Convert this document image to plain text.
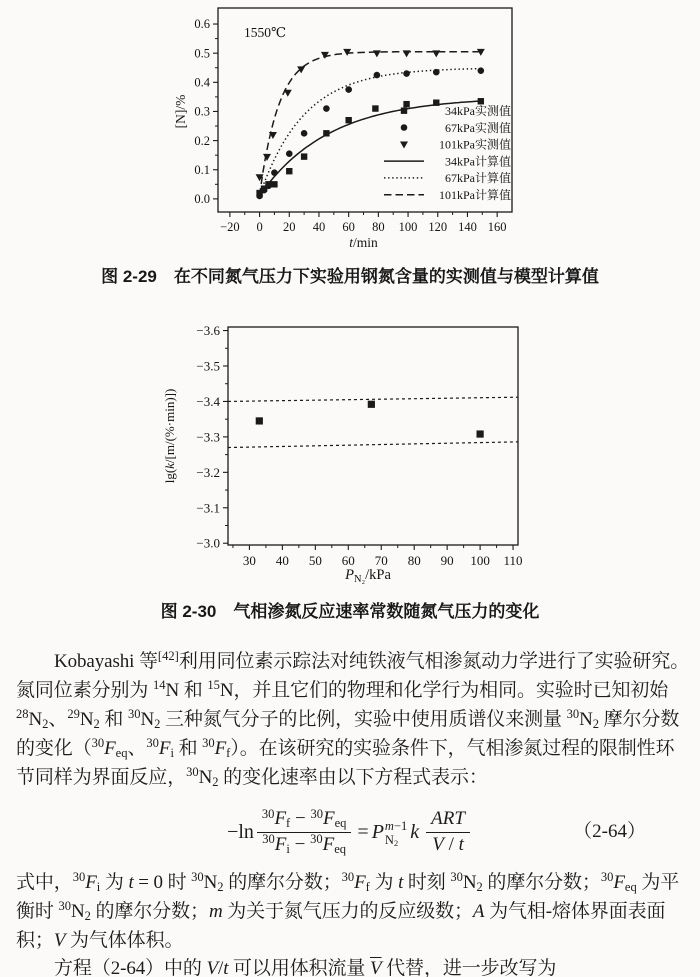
−20 0 20 40 60 80 100 120 140 160
0.0
0.1
0.2
0.3
0.4
0.5
0.6
1550℃
t/min
[N]/%	34kPa实测值
67kPa实测值
101kPa实测值
34kPa计算值
67kPa计算值
101kPa计算值
图 2-29　在不同氮气压力下实验用钢氮含量的实测值与模型计算值
30 40 50 60 70 80 90 100 110
−3.6
−3.5
−3.4
−3.3
−3.2
−3.1
−3.0
$P_{N_2}$/kPa
lg(k/[m/(%·min)])
图 2-30　气相渗氮反应速率常数随氮气压力的变化
Kobayashi 等[42]利用同位素示踪法对纯铁液气相渗氮动力学进行了实验研究。
氮同位素分别为 $^{14}$N 和 $^{15}$N，并且它们的物理和化学行为相同。实验时已知初始
$^{28}$N2、$^{29}$N2 和 $^{30}$N2 三种氮气分子的比例，实验中使用质谱仪来测量 $^{30}$N2 摩尔分数
的变化（$^{30}$Feq、$^{30}$Fi 和 $^{30}$Ff）。在该研究的实验条件下，气相渗氮过程的限制性环
节同样为界面反应，$^{30}$N2 的变化速率由以下方程式表示：
$-\ln \frac{^{30}Ff - ^{30}Feq}{^{30}Fi - ^{30}Feq} = P$ m−1
N2
k $\frac{\text{ART}}{V / t}$	（2-64）
式中，$^{30}$Fi 为 t = 0 时 $^{30}$N2 的摩尔分数；$^{30}$Ff 为 t 时刻 $^{30}$N2 的摩尔分数；$^{30}$Feq 为平
衡时 $^{30}$N2 的摩尔分数；m 为关于氮气压力的反应级数；A 为气相-熔体界面表面
积；V 为气体体积。
方程（2-64）中的 V/t 可以用体积流量 $\overline{V}$ 代替，进一步改写为
